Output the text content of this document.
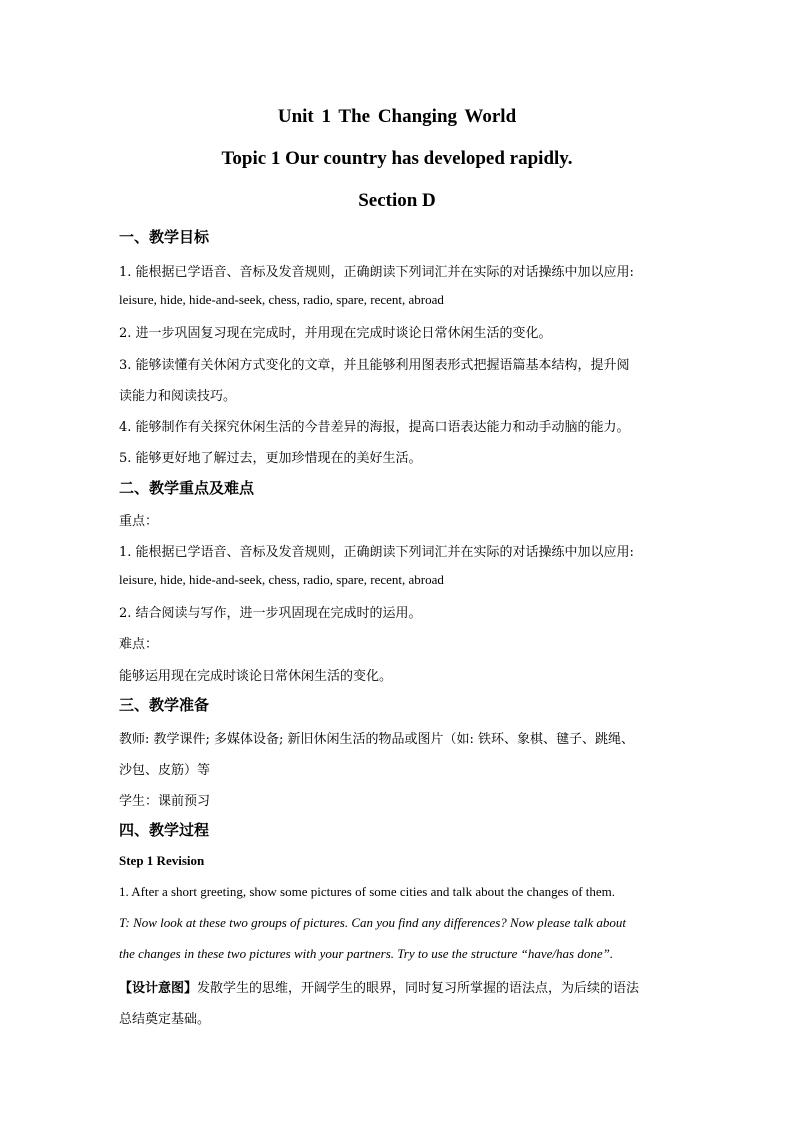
Unit 1 The Changing World
Topic 1 Our country has developed rapidly.
Section D
一、教学目标
1. 能根据已学语音、音标及发音规则，正确朗读下列词汇并在实际的对话操练中加以应用:
leisure, hide, hide-and-seek, chess, radio, spare, recent, abroad
2. 进一步巩固复习现在完成时，并用现在完成时谈论日常休闲生活的变化。
3. 能够读懂有关休闲方式变化的文章，并且能够利用图表形式把握语篇基本结构，提升阅
读能力和阅读技巧。
4. 能够制作有关探究休闲生活的今昔差异的海报，提高口语表达能力和动手动脑的能力。
5. 能够更好地了解过去，更加珍惜现在的美好生活。
二、教学重点及难点
重点：
1. 能根据已学语音、音标及发音规则，正确朗读下列词汇并在实际的对话操练中加以应用:
leisure, hide, hide-and-seek, chess, radio, spare, recent, abroad
2. 结合阅读与写作，进一步巩固现在完成时的运用。
难点：
能够运用现在完成时谈论日常休闲生活的变化。
三、教学准备
教师: 教学课件; 多媒体设备; 新旧休闲生活的物品或图片（如: 铁环、象棋、毽子、跳绳、
沙包、皮筋）等
学生：课前预习
四、教学过程
Step 1 Revision
1. After a short greeting, show some pictures of some cities and talk about the changes of them.
T: Now look at these two groups of pictures. Can you find any differences? Now please talk about
the changes in these two pictures with your partners. Try to use the structure “have/has done”.
【设计意图】发散学生的思维，开阔学生的眼界，同时复习所掌握的语法点，为后续的语法
总结奠定基础。
